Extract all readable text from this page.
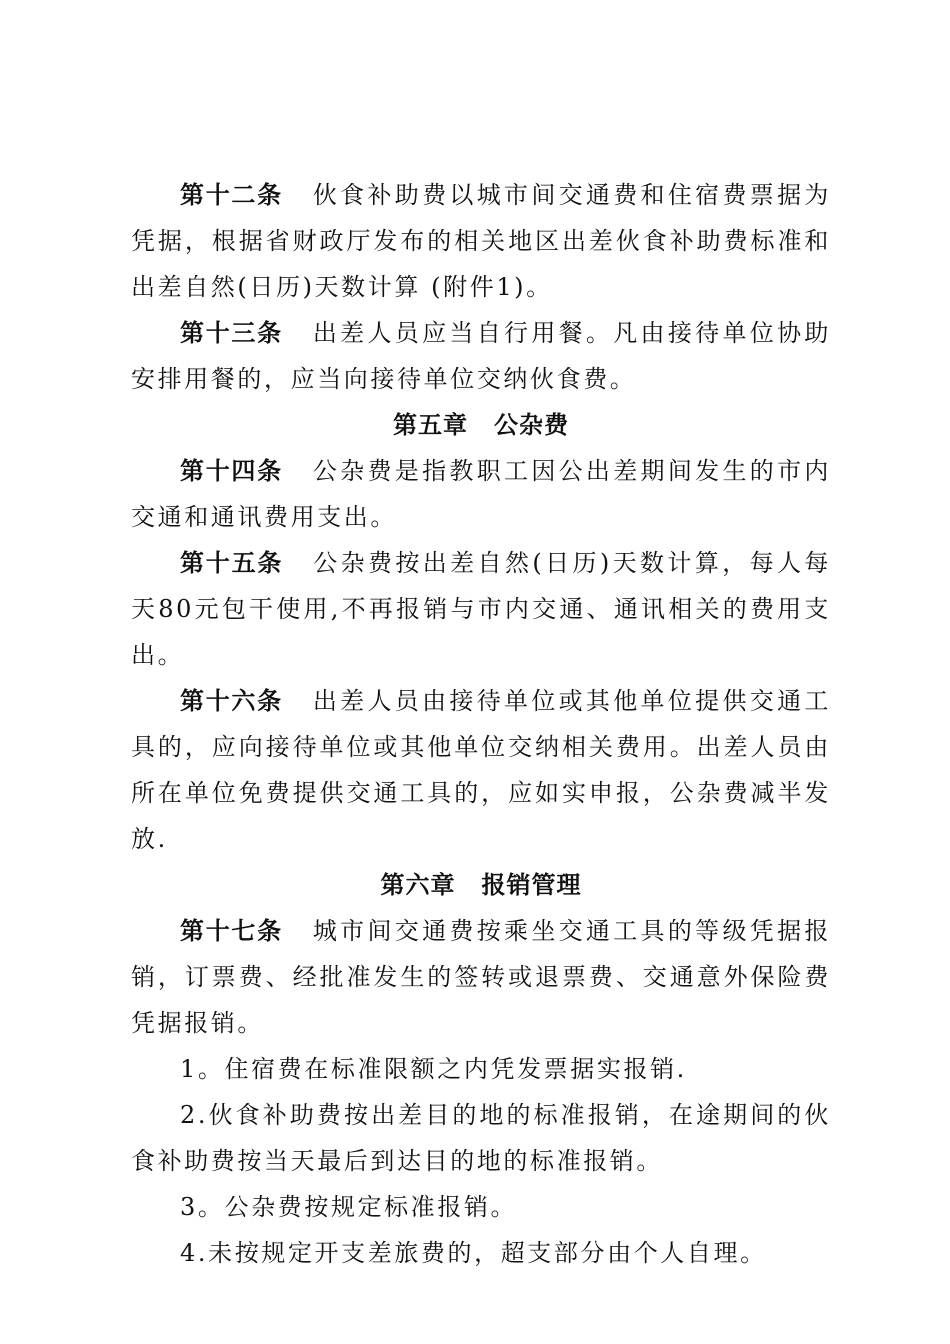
第十二条 伙食补助费以城市间交通费和住宿费票据为凭据，根据省财政厅发布的相关地区出差伙食补助费标准和出差自然(日历)天数计算 (附件1)。

第十三条 出差人员应当自行用餐。凡由接待单位协助安排用餐的，应当向接待单位交纳伙食费。

第五章 公杂费

第十四条 公杂费是指教职工因公出差期间发生的市内交通和通讯费用支出。

第十五条 公杂费按出差自然(日历)天数计算，每人每天80元包干使用,不再报销与市内交通、通讯相关的费用支出。

第十六条 出差人员由接待单位或其他单位提供交通工具的，应向接待单位或其他单位交纳相关费用。出差人员由所在单位免费提供交通工具的，应如实申报，公杂费减半发放.

第六章 报销管理

第十七条 城市间交通费按乘坐交通工具的等级凭据报销，订票费、经批准发生的签转或退票费、交通意外保险费凭据报销。

1。住宿费在标准限额之内凭发票据实报销.

2.伙食补助费按出差目的地的标准报销，在途期间的伙食补助费按当天最后到达目的地的标准报销。

3。公杂费按规定标准报销。

4.未按规定开支差旅费的，超支部分由个人自理。
